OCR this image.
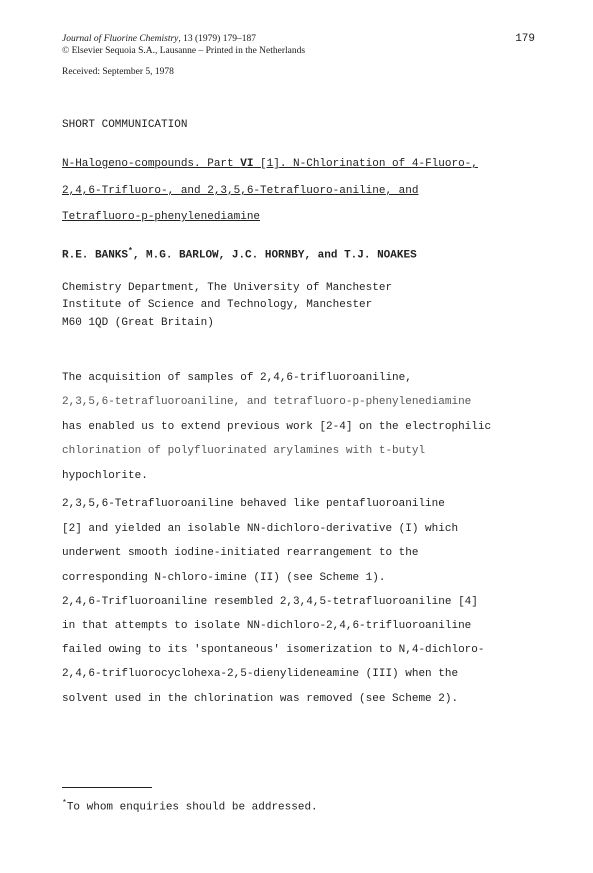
Journal of Fluorine Chemistry, 13 (1979) 179–187
© Elsevier Sequoia S.A., Lausanne – Printed in the Netherlands
Received: September 5, 1978
179
SHORT COMMUNICATION
N-Halogeno-compounds. Part VI [1]. N-Chlorination of 4-Fluoro-,
2,4,6-Trifluoro-, and 2,3,5,6-Tetrafluoro-aniline, and
Tetrafluoro-p-phenylenediamine
R.E. BANKS*, M.G. BARLOW, J.C. HORNBY, and T.J. NOAKES
Chemistry Department, The University of Manchester
Institute of Science and Technology, Manchester
M60 1QD (Great Britain)
The acquisition of samples of 2,4,6-trifluoroaniline,
2,3,5,6-tetrafluoroaniline, and tetrafluoro-p-phenylenediamine
has enabled us to extend previous work [2-4] on the electrophilic
chlorination of polyfluorinated arylamines with t-butyl
hypochlorite.
2,3,5,6-Tetrafluoroaniline behaved like pentafluoroaniline
[2] and yielded an isolable NN-dichloro-derivative (I) which
underwent smooth iodine-initiated rearrangement to the
corresponding N-chloro-imine (II) (see Scheme 1).
2,4,6-Trifluoroaniline resembled 2,3,4,5-tetrafluoroaniline [4]
in that attempts to isolate NN-dichloro-2,4,6-trifluoroaniline
failed owing to its 'spontaneous' isomerization to N,4-dichloro-
2,4,6-trifluorocyclohexa-2,5-dienylideneamine (III) when the
solvent used in the chlorination was removed (see Scheme 2).
*To whom enquiries should be addressed.
